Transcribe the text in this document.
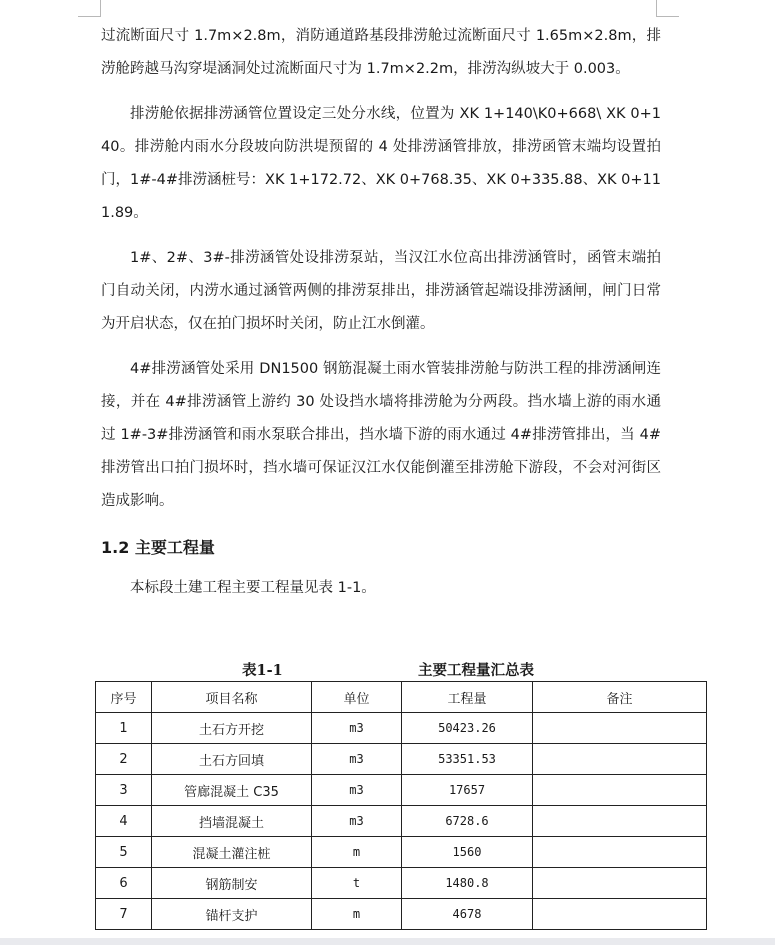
过流断面尺寸 1.7m×2.8m，消防通道路基段排涝舱过流断面尺寸 1.65m×2.8m，排涝舱跨越马沟穿堤涵洞处过流断面尺寸为 1.7m×2.2m，排涝沟纵坡大于 0.003。

排涝舱依据排涝涵管位置设定三处分水线，位置为 XK 1+140\K0+668\ XK 0+140。排涝舱内雨水分段坡向防洪堤预留的 4 处排涝涵管排放，排涝函管末端均设置拍门，1#-4#排涝涵桩号：XK 1+172.72、XK 0+768.35、XK 0+335.88、XK 0+111.89。

1#、2#、3#-排涝涵管处设排涝泵站，当汉江水位高出排涝涵管时，函管末端拍门自动关闭，内涝水通过涵管两侧的排涝泵排出，排涝涵管起端设排涝涵闸，闸门日常为开启状态，仅在拍门损坏时关闭，防止江水倒灌。

4#排涝涵管处采用 DN1500 钢筋混凝土雨水管装排涝舱与防洪工程的排涝涵闸连接，并在 4#排涝涵管上游约 30 处设挡水墙将排涝舱为分两段。挡水墙上游的雨水通过 1#-3#排涝涵管和雨水泵联合排出，挡水墙下游的雨水通过 4#排涝管排出，当 4#排涝管出口拍门损坏时，挡水墙可保证汉江水仅能倒灌至排涝舱下游段，不会对河街区造成影响。

1.2 主要工程量

本标段土建工程主要工程量见表 1-1。

表1-1	主要工程量汇总表
序号	项目名称	单位	工程量	备注
1	土石方开挖	m3	50423.26	
2	土石方回填	m3	53351.53	
3	管廊混凝土 C35	m3	17657	
4	挡墙混凝土	m3	6728.6	
5	混凝土灌注桩	m	1560	
6	钢筋制安	t	1480.8	
7	锚杆支护	m	4678	
